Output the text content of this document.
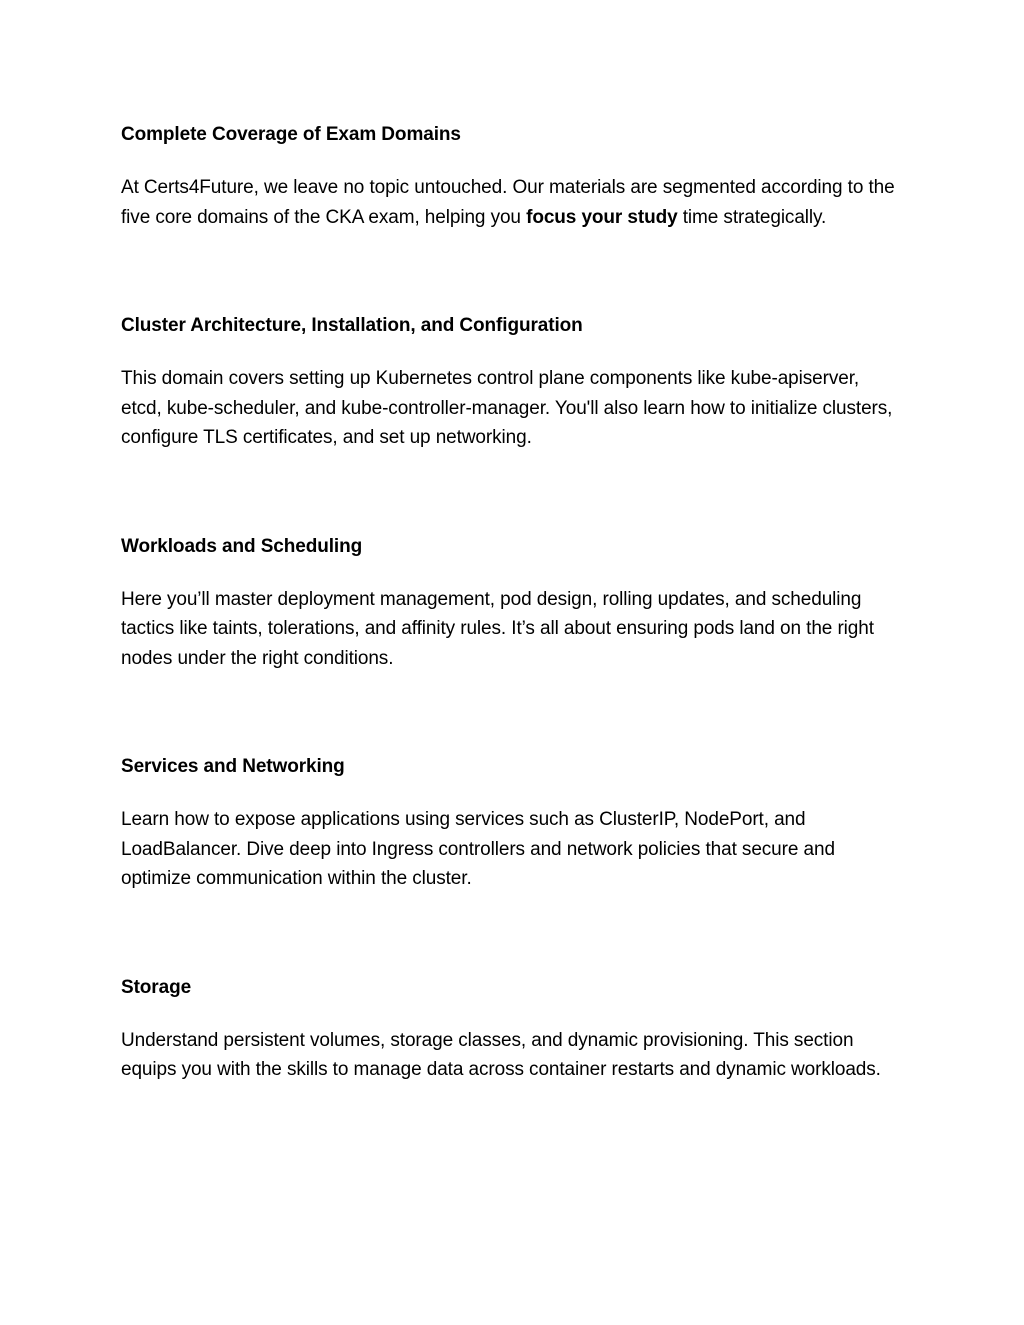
Complete Coverage of Exam Domains

At Certs4Future, we leave no topic untouched. Our materials are segmented according to the five core domains of the CKA exam, helping you focus your study time strategically.

Cluster Architecture, Installation, and Configuration

This domain covers setting up Kubernetes control plane components like kube-apiserver, etcd, kube-scheduler, and kube-controller-manager. You'll also learn how to initialize clusters, configure TLS certificates, and set up networking.

Workloads and Scheduling

Here you’ll master deployment management, pod design, rolling updates, and scheduling tactics like taints, tolerations, and affinity rules. It’s all about ensuring pods land on the right nodes under the right conditions.

Services and Networking

Learn how to expose applications using services such as ClusterIP, NodePort, and LoadBalancer. Dive deep into Ingress controllers and network policies that secure and optimize communication within the cluster.

Storage

Understand persistent volumes, storage classes, and dynamic provisioning. This section equips you with the skills to manage data across container restarts and dynamic workloads.
